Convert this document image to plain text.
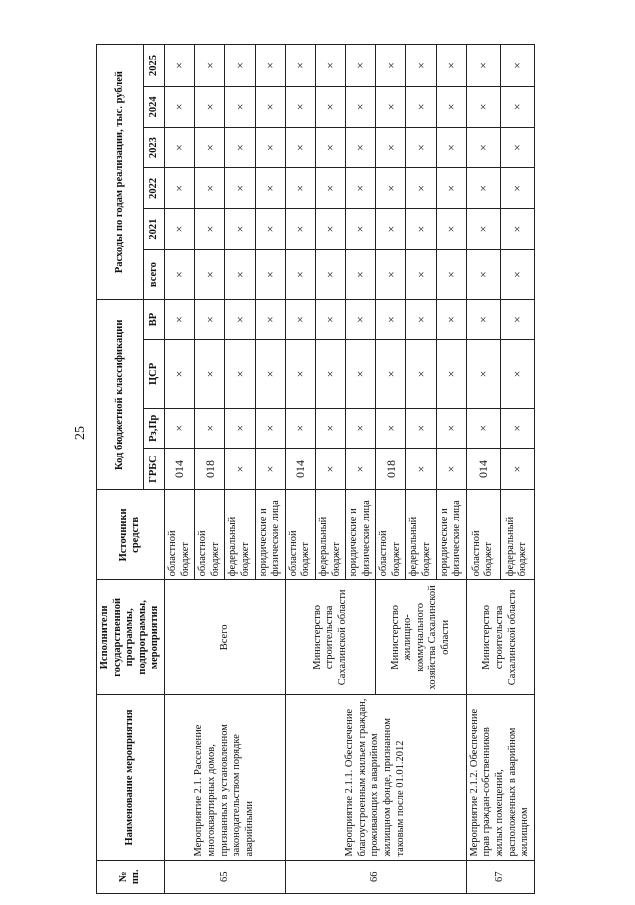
25
№ пп.	Наименование мероприятия	Исполнители государственной программы, подпрограммы, мероприятия	Источники средств	Код бюджетной классификации				Расходы по годам реализации, тыс. рублей					
				ГРБС	Рз,Пр	ЦСР	ВР	всего	2021	2022	2023	2024	2025
65	Мероприятие 2.1. Расселение многоквартирных домов, признанных в установленном законодательством порядке аварийными	Всего	областной бюджет	014	×	×	×	×	×	×	×	×	×
			областной бюджет	018	×	×	×	×	×	×	×	×	×
			федеральный бюджет	×	×	×	×	×	×	×	×	×	×
			юридические и физические лица	×	×	×	×	×	×	×	×	×	×
66	Мероприятие 2.1.1. Обеспечение благоустроенным жильем граждан, проживающих в аварийном жилищном фонде, признанном таковым после 01.01.2012	Министерство строительства Сахалинской области	областной бюджет	014	×	×	×	×	×	×	×	×	×
			федеральный бюджет	×	×	×	×	×	×	×	×	×	×
			юридические и физические лица	×	×	×	×	×	×	×	×	×	×
		Министерство жилищно-коммунального хозяйства Сахалинской области	областной бюджет	018	×	×	×	×	×	×	×	×	×
			федеральный бюджет	×	×	×	×	×	×	×	×	×	×
			юридические и физические лица	×	×	×	×	×	×	×	×	×	×
67	Мероприятие 2.1.2. Обеспечение прав граждан-собственников жилых помещений, расположенных в аварийном жилищном	Министерство строительства Сахалинской области	областной бюджет	014	×	×	×	×	×	×	×	×	×
			федеральный бюджет	×	×	×	×	×	×	×	×	×	×
